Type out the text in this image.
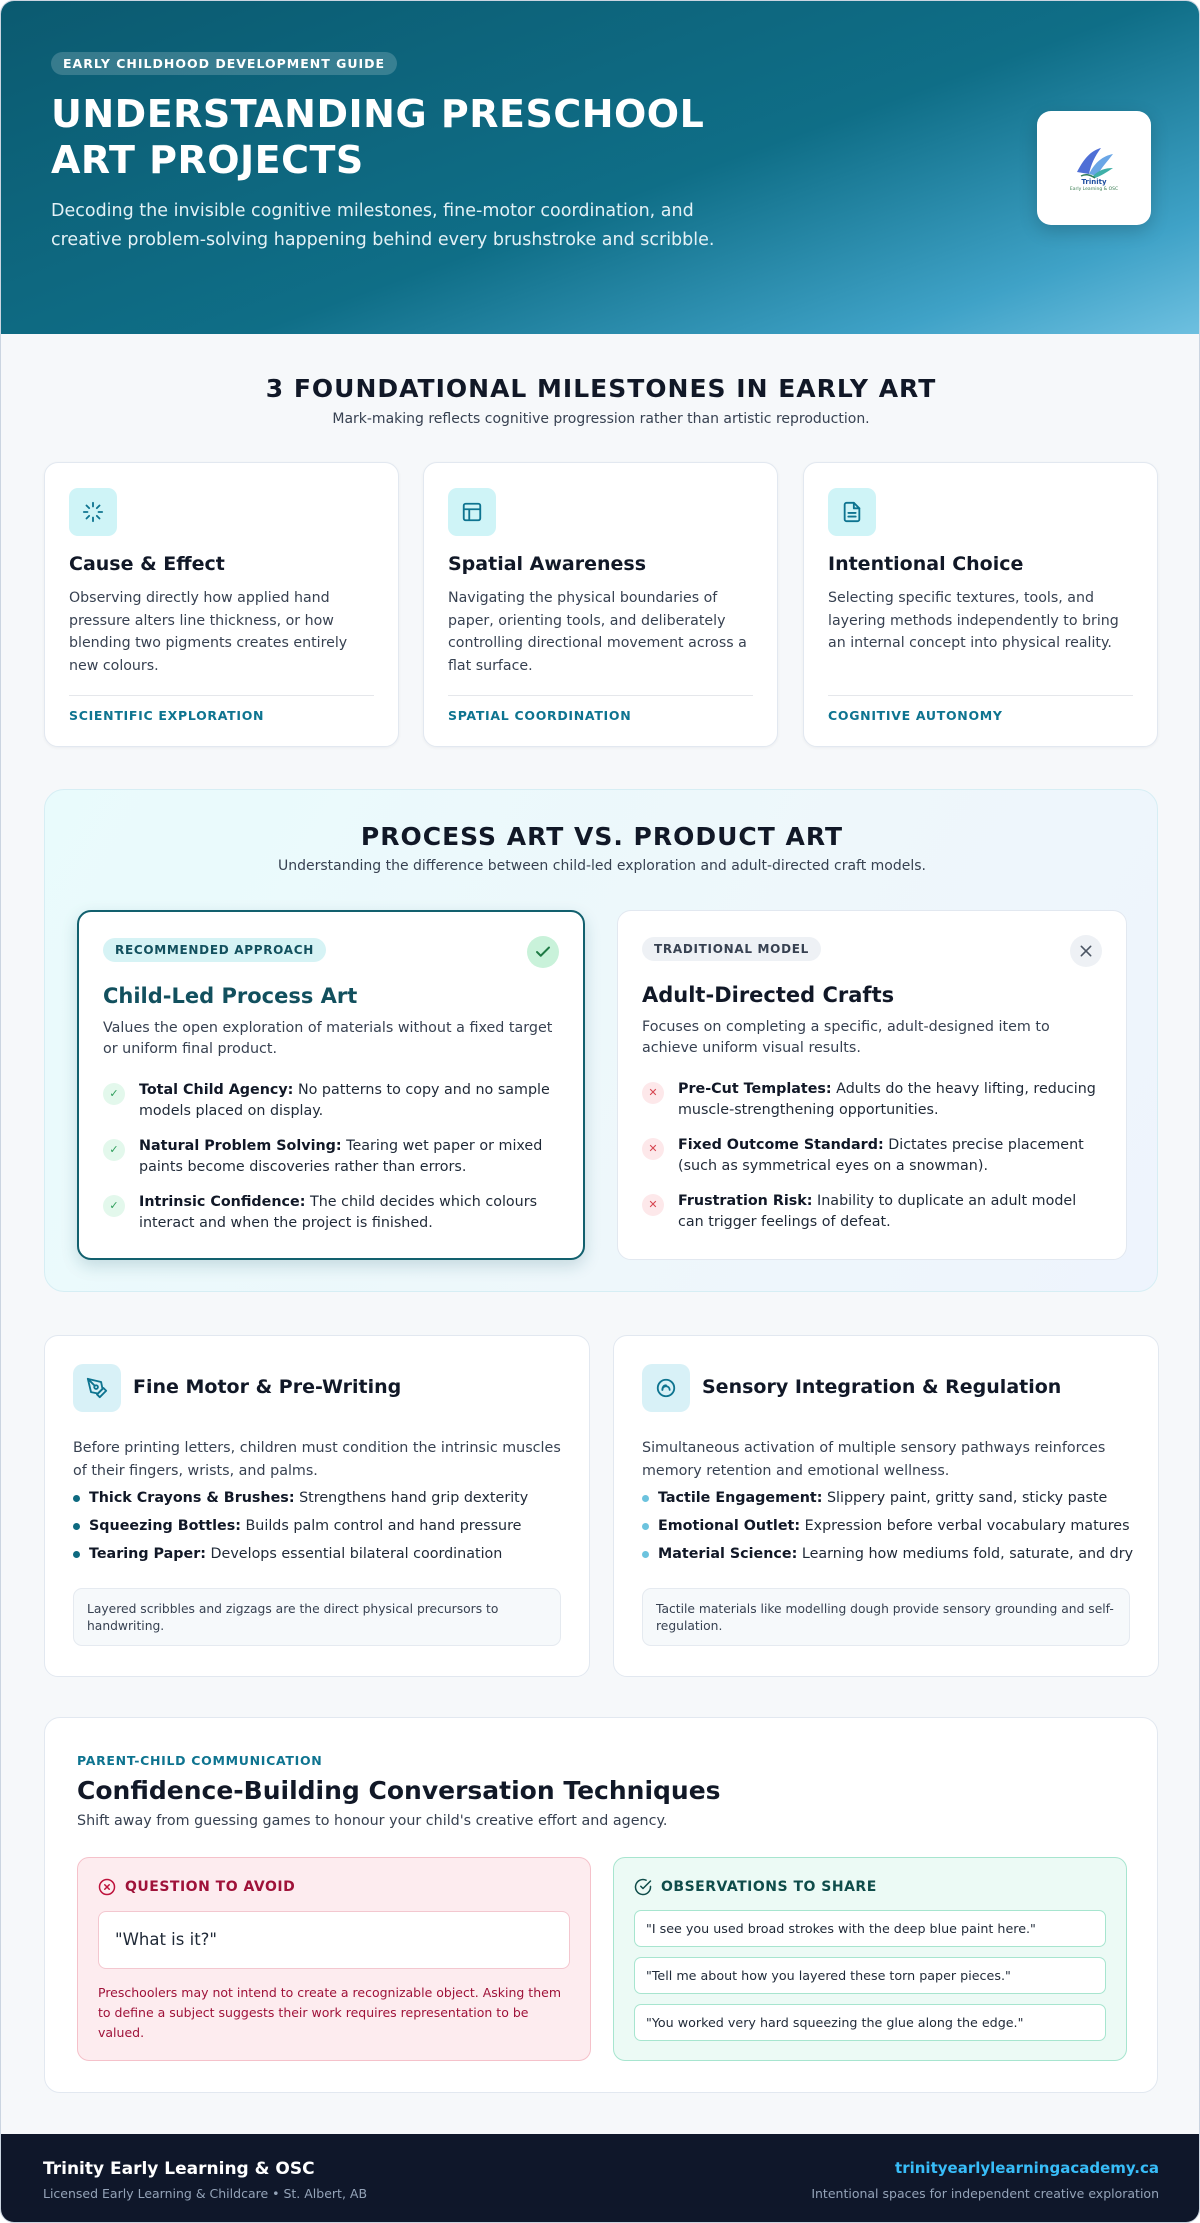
EARLY CHILDHOOD DEVELOPMENT GUIDE
UNDERSTANDING PRESCHOOL
ART PROJECTS

Decoding the invisible cognitive milestones, fine-motor coordination, and creative problem-solving happening behind every brushstroke and scribble.

Trinity
Early Learning & OSC
3 FOUNDATIONAL MILESTONES IN EARLY ART

Mark-making reflects cognitive progression rather than artistic reproduction.

Cause & Effect
Observing directly how applied hand pressure alters line thickness, or how blending two pigments creates entirely new colours.
SCIENTIFIC EXPLORATION
Spatial Awareness
Navigating the physical boundaries of paper, orienting tools, and deliberately controlling directional movement across a flat surface.
SPATIAL COORDINATION
Intentional Choice
Selecting specific textures, tools, and layering methods independently to bring an internal concept into physical reality.
COGNITIVE AUTONOMY
PROCESS ART VS. PRODUCT ART

Understanding the difference between child-led exploration and adult-directed craft models.

RECOMMENDED APPROACH
Child-Led Process Art
Values the open exploration of materials without a fixed target or uniform final product.
✓	Total Child Agency: No patterns to copy and no sample models placed on display.
✓	Natural Problem Solving: Tearing wet paper or mixed paints become discoveries rather than errors.
✓	Intrinsic Confidence: The child decides which colours interact and when the project is finished.
TRADITIONAL MODEL
Adult-Directed Crafts
Focuses on completing a specific, adult-designed item to achieve uniform visual results.
✕	Pre-Cut Templates: Adults do the heavy lifting, reducing muscle-strengthening opportunities.
✕	Fixed Outcome Standard: Dictates precise placement (such as symmetrical eyes on a snowman).
✕	Frustration Risk: Inability to duplicate an adult model can trigger feelings of defeat.
Fine Motor & Pre-Writing
Before printing letters, children must condition the intrinsic muscles of their fingers, wrists, and palms.
Thick Crayons & Brushes: Strengthens hand grip dexterity
Squeezing Bottles: Builds palm control and hand pressure
Tearing Paper: Develops essential bilateral coordination
Layered scribbles and zigzags are the direct physical precursors to handwriting.
Sensory Integration & Regulation
Simultaneous activation of multiple sensory pathways reinforces memory retention and emotional wellness.
Tactile Engagement: Slippery paint, gritty sand, sticky paste
Emotional Outlet: Expression before verbal vocabulary matures
Material Science: Learning how mediums fold, saturate, and dry
Tactile materials like modelling dough provide sensory grounding and self-regulation.
PARENT-CHILD COMMUNICATION
Confidence-Building Conversation Techniques

Shift away from guessing games to honour your child's creative effort and agency.

QUESTION TO AVOID
"What is it?"
Preschoolers may not intend to create a recognizable object. Asking them to define a subject suggests their work requires representation to be valued.
OBSERVATIONS TO SHARE
"I see you used broad strokes with the deep blue paint here."
"Tell me about how you layered these torn paper pieces."
"You worked very hard squeezing the glue along the edge."
Trinity Early Learning & OSC
Licensed Early Learning & Childcare • St. Albert, AB
trinityearlylearningacademy.ca
Intentional spaces for independent creative exploration
